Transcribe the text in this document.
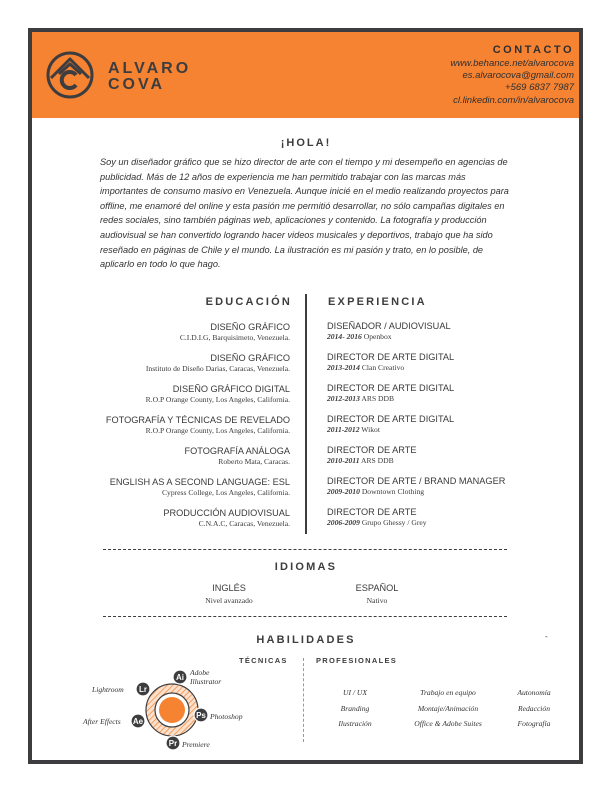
ALVARO
COVA
CONTACTO
www.behance.net/alvarocova
es.alvarocova@gmail.com
+569 6837 7987
cl.linkedin.com/in/alvarocova
¡HOLA!
Soy un diseñador gráfico que se hizo director de arte con el tiempo y mi desempeño en agencias de publicidad. Más de 12 años de experiencia me han permitido trabajar con las marcas más importantes de consumo masivo en Venezuela. Aunque inicié en el medio realizando proyectos para offline, me enamoré del online y esta pasión me permitió desarrollar, no sólo campañas digitales en redes sociales, sino también páginas web, aplicaciones y contenido. La fotografía y producción audiovisual se han convertido logrando hacer videos musicales y deportivos, trabajo que ha sido reseñado en páginas de Chile y el mundo. La ilustración es mi pasión y trato, en lo posible, de aplicarlo en todo lo que hago.
EDUCACIÓN	EXPERIENCIA
DISEÑO GRÁFICO
C.I.D.I.G, Barquisimeto, Venezuela.
DISEÑO GRÁFICO
Instituto de Diseño Darias, Caracas, Venezuela.
DISEÑO GRÁFICO DIGITAL
R.O.P Orange County, Los Angeles, California.
FOTOGRAFÍA Y TÉCNICAS DE REVELADO
R.O.P Orange County, Los Angeles, California.
FOTOGRAFÍA ANÁLOGA
Roberto Mata, Caracas.
ENGLISH AS A SECOND LANGUAGE: ESL
Cypress College, Los Angeles, California.
PRODUCCIÓN AUDIOVISUAL
C.N.A.C, Caracas, Venezuela.
DISEÑADOR / AUDIOVISUAL
2014- 2016 Openbox
DIRECTOR DE ARTE DIGITAL
2013-2014 Clan Creativo
DIRECTOR DE ARTE DIGITAL
2012-2013 ARS DDB
DIRECTOR DE ARTE DIGITAL
2011-2012 Wikot
DIRECTOR DE ARTE
2010-2011 ARS DDB
DIRECTOR DE ARTE / BRAND MANAGER
2009-2010 Downtown Clothing
DIRECTOR DE ARTE
2006-2009 Grupo Ghessy / Grey
IDIOMAS
INGLÉS
Nivel avanzado
ESPAÑOL
Nativo
HABILIDADES	-
TÉCNICAS	PROFESIONALES
Lr
Ai
Ps
Pr
Ae
Lightroom
Adobe Illustrator
Photoshop
Premiere
After Effects
UI / UX	Trabajo en equipo	Autonomía
Branding	Montaje/Animación	Redacción
Ilustración	Office & Adobe Suites	Fotografía
